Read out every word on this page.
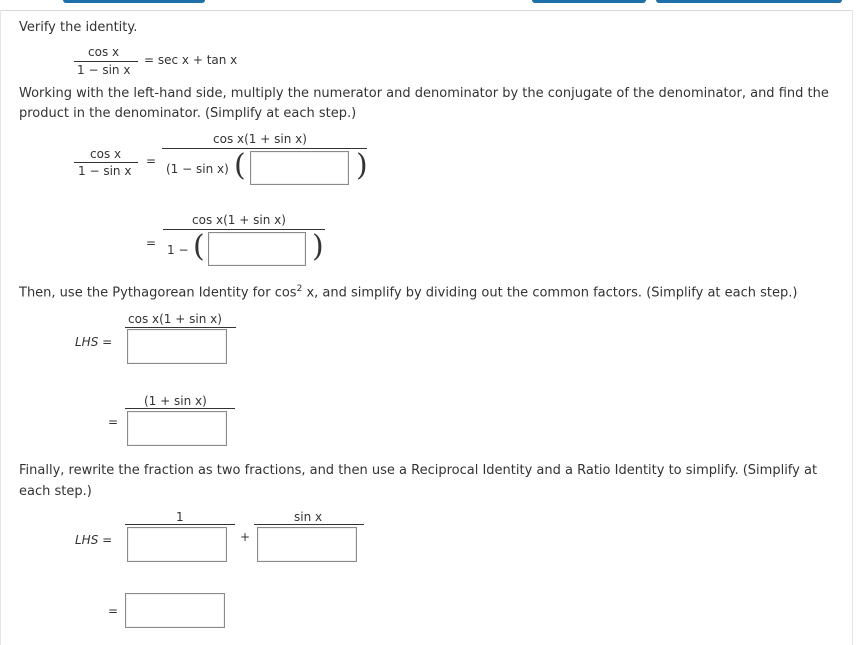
Verify the identity.
cos x
1 − sin x
= sec x + tan x
Working with the left-hand side, multiply the numerator and denominator by the conjugate of the denominator, and find the
product in the denominator. (Simplify at each step.)
cos x
1 − sin x
=
cos x(1 + sin x)
(1 − sin x) (	)
=
cos x(1 + sin x)
1 − (	)
Then, use the Pythagorean Identity for $\cos^2 x$, and simplify by dividing out the common factors. (Simplify at each step.)
cos x(1 + sin x)
LHS =
(1 + sin x)
=
Finally, rewrite the fraction as two fractions, and then use a Reciprocal Identity and a Ratio Identity to simplify. (Simplify at
each step.)
1
LHS =	+
sin x
=
